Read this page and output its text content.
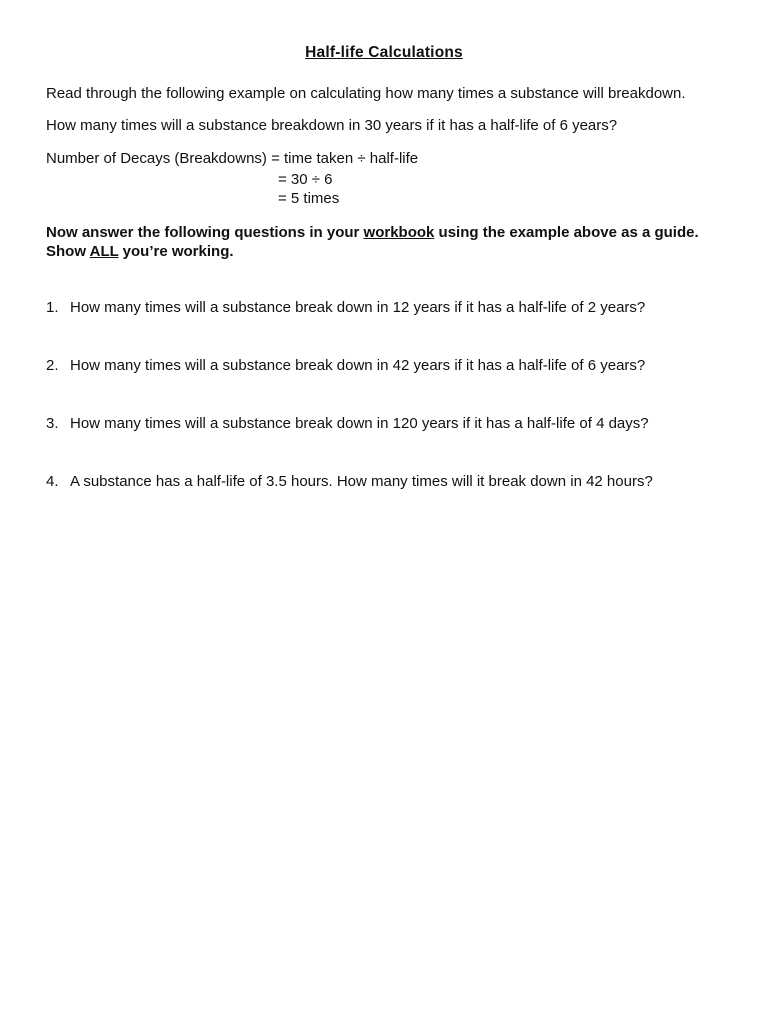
Half-life Calculations
Read through the following example on calculating how many times a substance will breakdown.
How many times will a substance breakdown in 30 years if it has a half-life of 6 years?
Number of Decays (Breakdowns) = time taken ÷ half-life
= 30 ÷ 6
= 5 times
Now answer the following questions in your workbook using the example above as a guide.
Show ALL you’re working.
1. How many times will a substance break down in 12 years if it has a half-life of 2 years?
2. How many times will a substance break down in 42 years if it has a half-life of 6 years?
3. How many times will a substance break down in 120 years if it has a half-life of 4 days?
4. A substance has a half-life of 3.5 hours. How many times will it break down in 42 hours?
